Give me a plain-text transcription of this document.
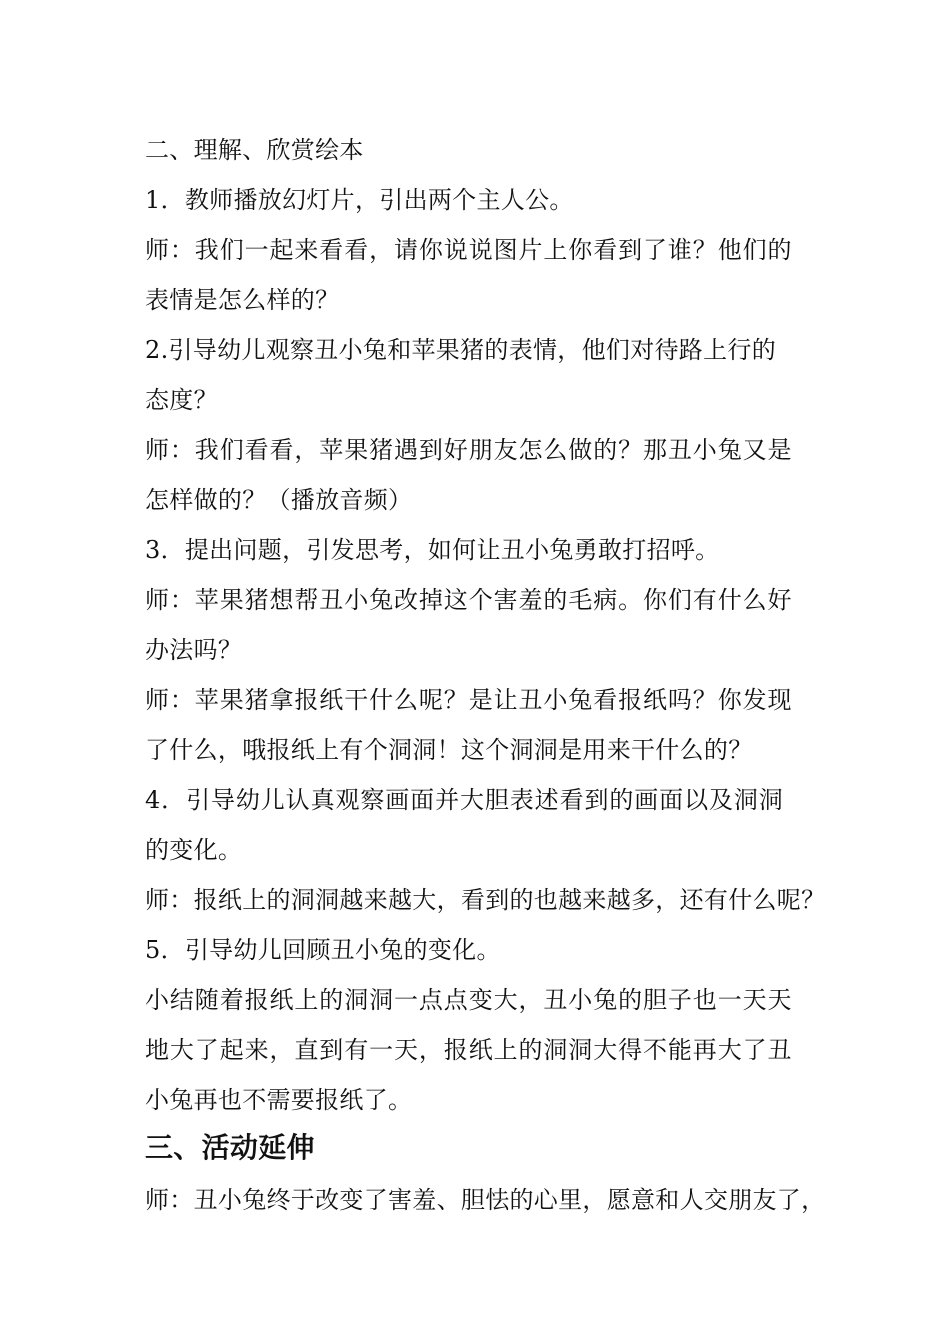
二、理解、欣赏绘本
1．教师播放幻灯片，引出两个主人公。
师：我们一起来看看，请你说说图片上你看到了谁？他们的
表情是怎么样的？
2.引导幼儿观察丑小兔和苹果猪的表情，他们对待路上行的
态度？
师：我们看看，苹果猪遇到好朋友怎么做的？那丑小兔又是
怎样做的？（播放音频）
3．提出问题，引发思考，如何让丑小兔勇敢打招呼。
师：苹果猪想帮丑小兔改掉这个害羞的毛病。你们有什么好
办法吗？
师：苹果猪拿报纸干什么呢？是让丑小兔看报纸吗？你发现
了什么，哦报纸上有个洞洞！这个洞洞是用来干什么的？
4．引导幼儿认真观察画面并大胆表述看到的画面以及洞洞
的变化。
师：报纸上的洞洞越来越大，看到的也越来越多，还有什么呢？
5．引导幼儿回顾丑小兔的变化。
小结随着报纸上的洞洞一点点变大，丑小兔的胆子也一天天
地大了起来，直到有一天，报纸上的洞洞大得不能再大了丑
小兔再也不需要报纸了。
三、活动延伸
师：丑小兔终于改变了害羞、胆怯的心里，愿意和人交朋友了，
